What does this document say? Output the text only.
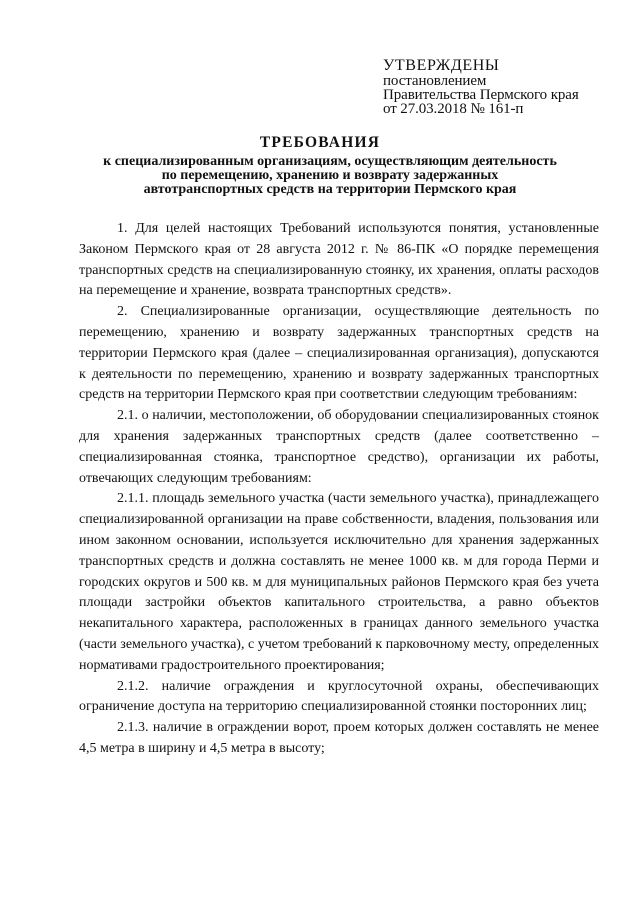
УТВЕРЖДЕНЫ
постановлением
Правительства Пермского края
от 27.03.2018 № 161-п
ТРЕБОВАНИЯ
к специализированным организациям, осуществляющим деятельность
по перемещению, хранению и возврату задержанных
автотранспортных средств на территории Пермского края

1. Для целей настоящих Требований используются понятия, установленные Законом Пермского края от 28 августа 2012 г. № 86-ПК «О порядке перемещения транспортных средств на специализированную стоянку, их хранения, оплаты расходов на перемещение и хранение, возврата транспортных средств».

2. Специализированные организации, осуществляющие деятельность по перемещению, хранению и возврату задержанных транспортных средств на территории Пермского края (далее – специализированная организация), допускаются к деятельности по перемещению, хранению и возврату задержанных транспортных средств на территории Пермского края при соответствии следующим требованиям:

2.1. о наличии, местоположении, об оборудовании специализированных стоянок для хранения задержанных транспортных средств (далее соответственно – специализированная стоянка, транспортное средство), организации их работы, отвечающих следующим требованиям:

2.1.1. площадь земельного участка (части земельного участка), принадлежащего специализированной организации на праве собственности, владения, пользования или ином законном основании, используется исключительно для хранения задержанных транспортных средств и должна составлять не менее 1000 кв. м для города Перми и городских округов и 500 кв. м для муниципальных районов Пермского края без учета площади застройки объектов капитального строительства, а равно объектов некапитального характера, расположенных в границах данного земельного участка (части земельного участка), с учетом требований к парковочному месту, определенных нормативами градостроительного проектирования;

2.1.2. наличие ограждения и круглосуточной охраны, обеспечивающих ограничение доступа на территорию специализированной стоянки посторонних лиц;

2.1.3. наличие в ограждении ворот, проем которых должен составлять не менее 4,5 метра в ширину и 4,5 метра в высоту;
